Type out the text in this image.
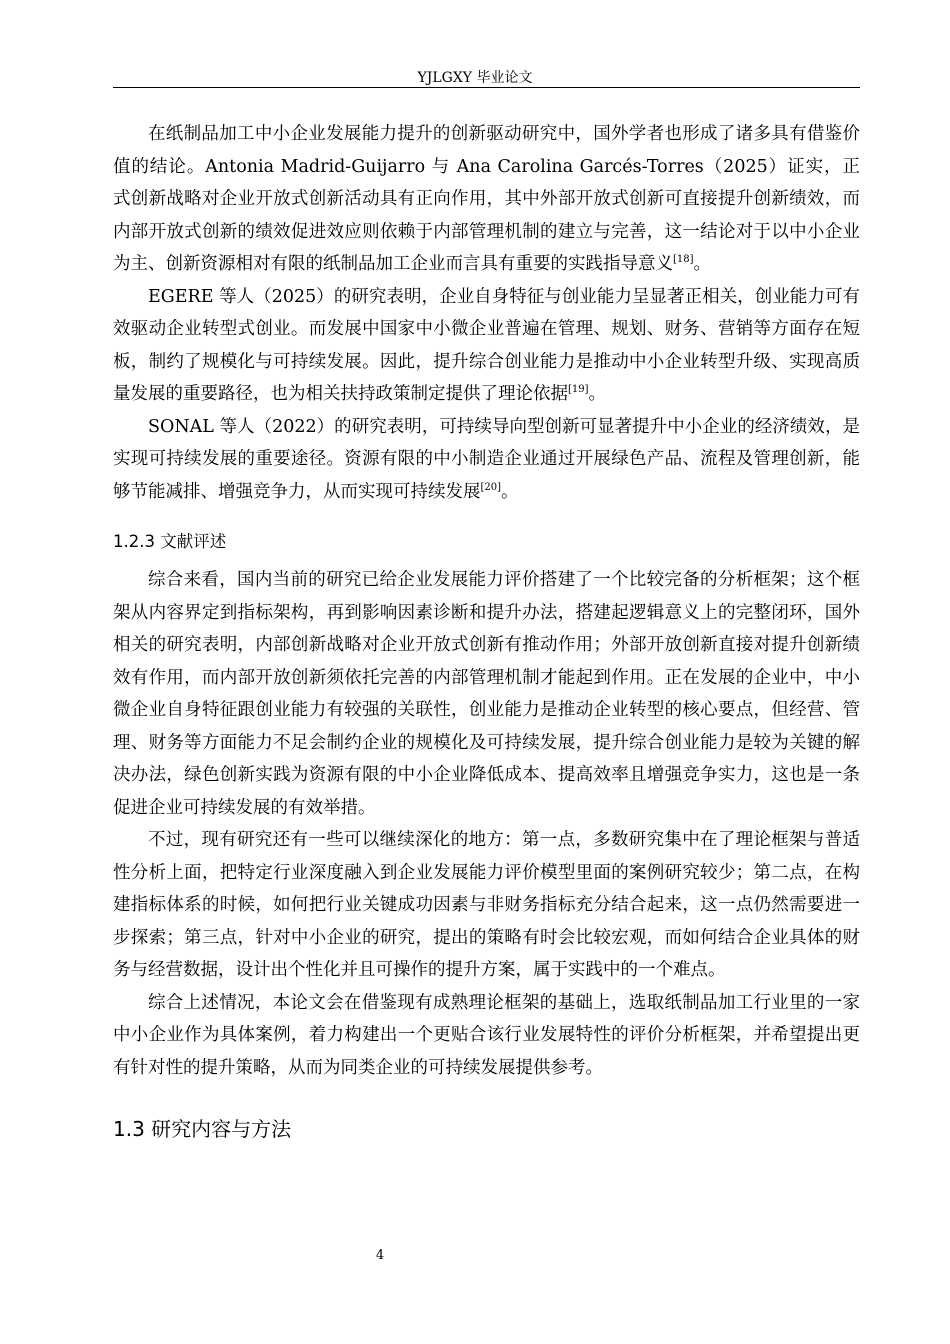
YJLGXY 毕业论文

在纸制品加工中小企业发展能力提升的创新驱动研究中，国外学者也形成了诸多具有借鉴价值的结论。Antonia Madrid-Guijarro 与 Ana Carolina Garcés-Torres（2025）证实，正式创新战略对企业开放式创新活动具有正向作用，其中外部开放式创新可直接提升创新绩效，而内部开放式创新的绩效促进效应则依赖于内部管理机制的建立与完善，这一结论对于以中小企业为主、创新资源相对有限的纸制品加工企业而言具有重要的实践指导意义[18]。

EGERE 等人（2025）的研究表明，企业自身特征与创业能力呈显著正相关，创业能力可有效驱动企业转型式创业。而发展中国家中小微企业普遍在管理、规划、财务、营销等方面存在短板，制约了规模化与可持续发展。因此，提升综合创业能力是推动中小企业转型升级、实现高质量发展的重要路径，也为相关扶持政策制定提供了理论依据[19]。

SONAL 等人（2022）的研究表明，可持续导向型创新可显著提升中小企业的经济绩效，是实现可持续发展的重要途径。资源有限的中小制造企业通过开展绿色产品、流程及管理创新，能够节能减排、增强竞争力，从而实现可持续发展[20]。

1.2.3 文献评述

综合来看，国内当前的研究已给企业发展能力评价搭建了一个比较完备的分析框架；这个框架从内容界定到指标架构，再到影响因素诊断和提升办法，搭建起逻辑意义上的完整闭环，国外相关的研究表明，内部创新战略对企业开放式创新有推动作用；外部开放创新直接对提升创新绩效有作用，而内部开放创新须依托完善的内部管理机制才能起到作用。正在发展的企业中，中小微企业自身特征跟创业能力有较强的关联性，创业能力是推动企业转型的核心要点，但经营、管理、财务等方面能力不足会制约企业的规模化及可持续发展，提升综合创业能力是较为关键的解决办法，绿色创新实践为资源有限的中小企业降低成本、提高效率且增强竞争实力，这也是一条促进企业可持续发展的有效举措。

不过，现有研究还有一些可以继续深化的地方：第一点，多数研究集中在了理论框架与普适性分析上面，把特定行业深度融入到企业发展能力评价模型里面的案例研究较少；第二点，在构建指标体系的时候，如何把行业关键成功因素与非财务指标充分结合起来，这一点仍然需要进一步探索；第三点，针对中小企业的研究，提出的策略有时会比较宏观，而如何结合企业具体的财务与经营数据，设计出个性化并且可操作的提升方案，属于实践中的一个难点。

综合上述情况，本论文会在借鉴现有成熟理论框架的基础上，选取纸制品加工行业里的一家中小企业作为具体案例，着力构建出一个更贴合该行业发展特性的评价分析框架，并希望提出更有针对性的提升策略，从而为同类企业的可持续发展提供参考。

1.3 研究内容与方法
4
